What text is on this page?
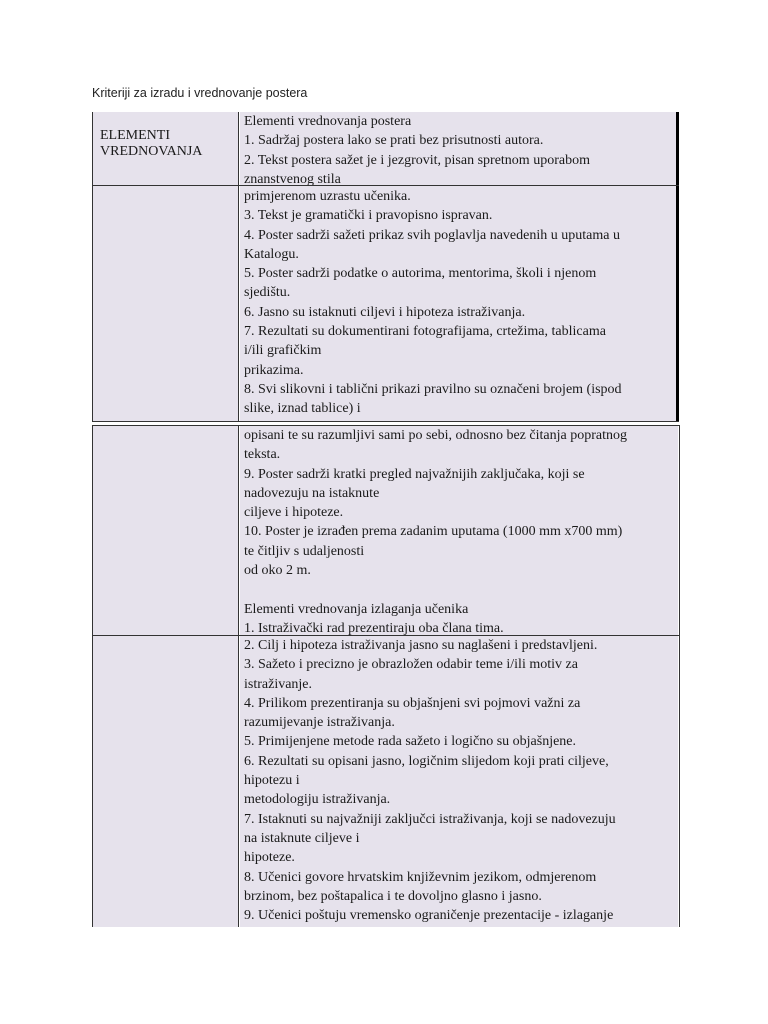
Kriteriji za izradu i vrednovanje postera
ELEMENTI
VREDNOVANJA
Elementi vrednovanja postera
1. Sadržaj postera lako se prati bez prisutnosti autora.
2. Tekst postera sažet je i jezgrovit, pisan spretnom uporabom
znanstvenog stila
primjerenom uzrastu učenika.
3. Tekst je gramatički i pravopisno ispravan.
4. Poster sadrži sažeti prikaz svih poglavlja navedenih u uputama u
Katalogu.
5. Poster sadrži podatke o autorima, mentorima, školi i njenom
sjedištu.
6. Jasno su istaknuti ciljevi i hipoteza istraživanja.
7. Rezultati su dokumentirani fotografijama, crtežima, tablicama
i/ili grafičkim
prikazima.
8. Svi slikovni i tablični prikazi pravilno su označeni brojem (ispod
slike, iznad tablice) i
opisani te su razumljivi sami po sebi, odnosno bez čitanja popratnog
teksta.
9. Poster sadrži kratki pregled najvažnijih zaključaka, koji se
nadovezuju na istaknute
ciljeve i hipoteze.
10. Poster je izrađen prema zadanim uputama (1000 mm x700 mm)
te čitljiv s udaljenosti
od oko 2 m.
Elementi vrednovanja izlaganja učenika
1. Istraživački rad prezentiraju oba člana tima.
2. Cilj i hipoteza istraživanja jasno su naglašeni i predstavljeni.
3. Sažeto i precizno je obrazložen odabir teme i/ili motiv za
istraživanje.
4. Prilikom prezentiranja su objašnjeni svi pojmovi važni za
razumijevanje istraživanja.
5. Primijenjene metode rada sažeto i logično su objašnjene.
6. Rezultati su opisani jasno, logičnim slijedom koji prati ciljeve,
hipotezu i
metodologiju istraživanja.
7. Istaknuti su najvažniji zaključci istraživanja, koji se nadovezuju
na istaknute ciljeve i
hipoteze.
8. Učenici govore hrvatskim književnim jezikom, odmjerenom
brzinom, bez poštapalica i te dovoljno glasno i jasno.
9. Učenici poštuju vremensko ograničenje prezentacije - izlaganje
